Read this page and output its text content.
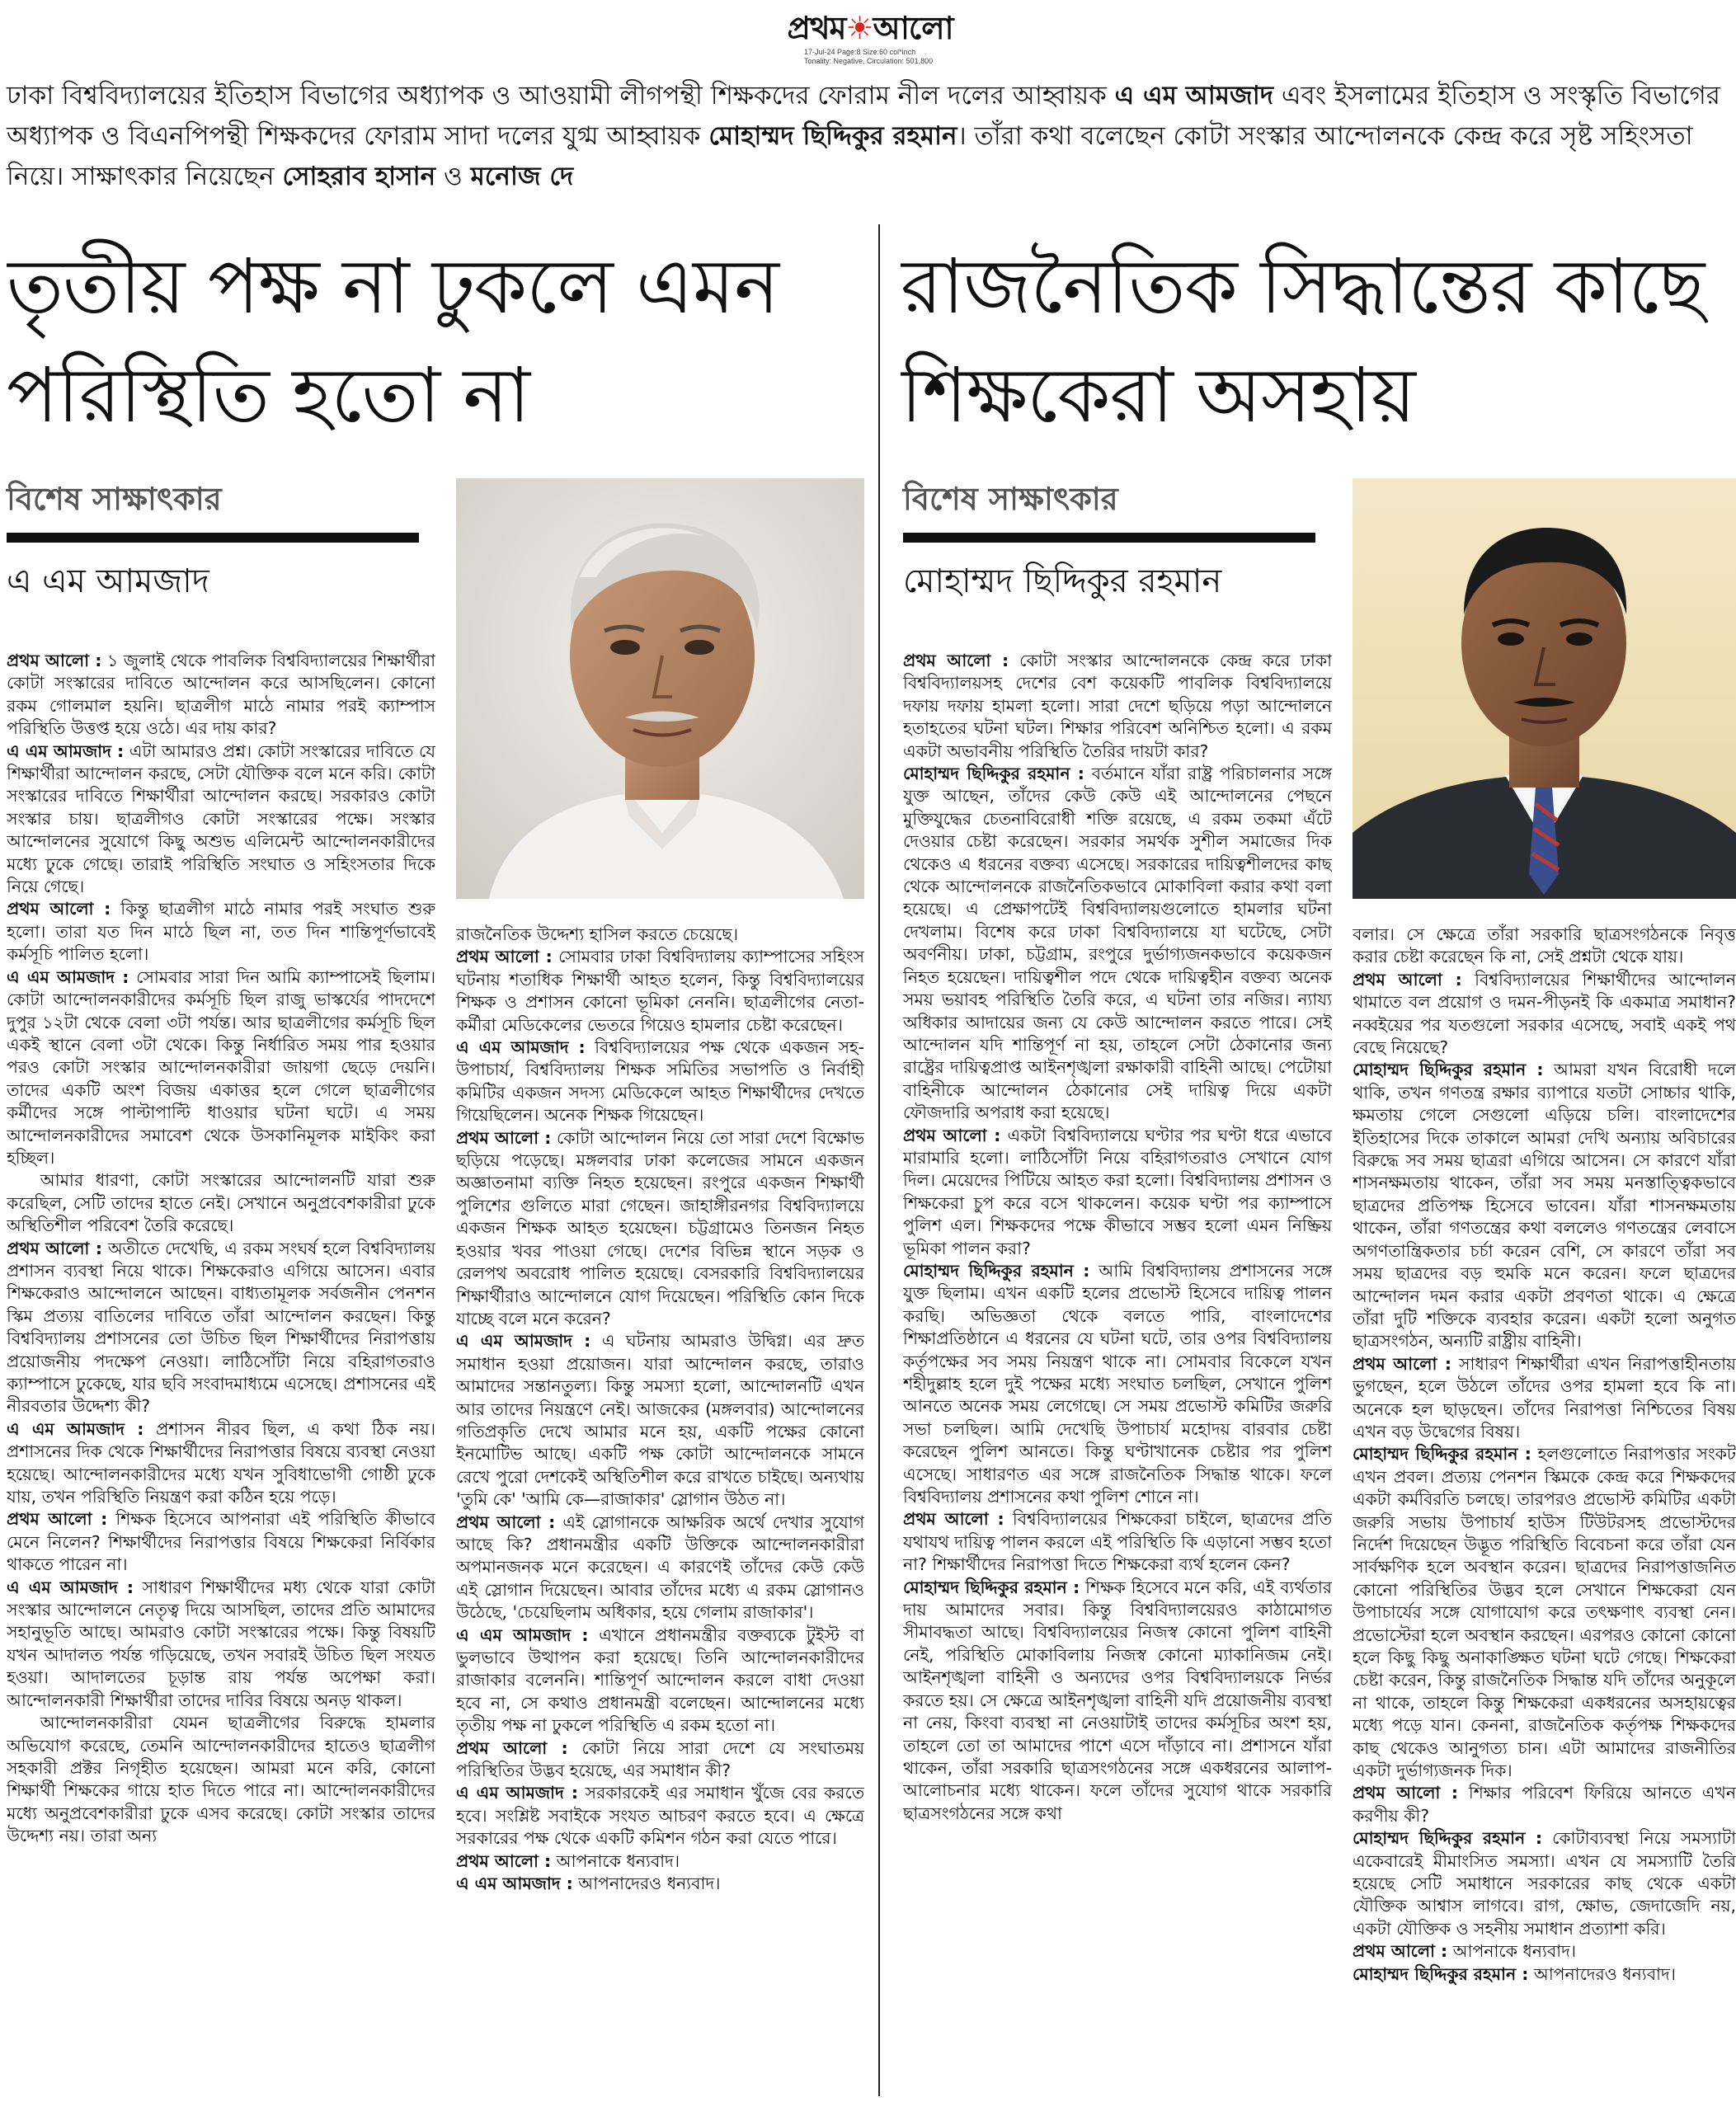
প্রথম☀আলো
17-Jul-24 Page:8 Size:60 col*inch
Tonality: Negative, Circulation: 501,800
ঢাকা বিশ্ববিদ্যালয়ের ইতিহাস বিভাগের অধ্যাপক ও আওয়ামী লীগপন্থী শিক্ষকদের ফোরাম নীল দলের আহ্বায়ক এ এম আমজাদ এবং ইসলামের ইতিহাস ও সংস্কৃতি বিভাগের অধ্যাপক ও বিএনপিপন্থী শিক্ষকদের ফোরাম সাদা দলের যুগ্ম আহ্বায়ক মোহাম্মদ ছিদ্দিকুর রহমান। তাঁরা কথা বলেছেন কোটা সংস্কার আন্দোলনকে কেন্দ্র করে সৃষ্ট সহিংসতা নিয়ে। সাক্ষাৎকার নিয়েছেন সোহরাব হাসান ও মনোজ দে
তৃতীয় পক্ষ না ঢুকলে এমন
পরিস্থিতি হতো না
রাজনৈতিক সিদ্ধান্তের কাছে
শিক্ষকেরা অসহায়
বিশেষ সাক্ষাৎকার
এ এম আমজাদ
বিশেষ সাক্ষাৎকার
মোহাম্মদ ছিদ্দিকুর রহমান

প্রথম আলো : ১ জুলাই থেকে পাবলিক বিশ্ববিদ্যালয়ের শিক্ষার্থীরা কোটা সংস্কারের দাবিতে আন্দোলন করে আসছিলেন। কোনো রকম গোলমাল হয়নি। ছাত্রলীগ মাঠে নামার পরই ক্যাম্পাস পরিস্থিতি উত্তপ্ত হয়ে ওঠে। এর দায় কার?

এ এম আমজাদ : এটা আমারও প্রশ্ন। কোটা সংস্কারের দাবিতে যে শিক্ষার্থীরা আন্দোলন করছে, সেটা যৌক্তিক বলে মনে করি। কোটা সংস্কারের দাবিতে শিক্ষার্থীরা আন্দোলন করছে। সরকারও কোটা সংস্কার চায়। ছাত্রলীগও কোটা সংস্কারের পক্ষে। সংস্কার আন্দোলনের সুযোগে কিছু অশুভ এলিমেন্ট আন্দোলনকারীদের মধ্যে ঢুকে গেছে। তারাই পরিস্থিতি সংঘাত ও সহিংসতার দিকে নিয়ে গেছে।

প্রথম আলো : কিন্তু ছাত্রলীগ মাঠে নামার পরই সংঘাত শুরু হলো। তারা যত দিন মাঠে ছিল না, তত দিন শান্তিপূর্ণভাবেই কর্মসূচি পালিত হলো।

এ এম আমজাদ : সোমবার সারা দিন আমি ক্যাম্পাসেই ছিলাম। কোটা আন্দোলনকারীদের কর্মসূচি ছিল রাজু ভাস্কর্যের পাদদেশে দুপুর ১২টা থেকে বেলা ৩টা পর্যন্ত। আর ছাত্রলীগের কর্মসূচি ছিল একই স্থানে বেলা ৩টা থেকে। কিন্তু নির্ধারিত সময় পার হওয়ার পরও কোটা সংস্কার আন্দোলনকারীরা জায়গা ছেড়ে দেয়নি। তাদের একটি অংশ বিজয় একাত্তর হলে গেলে ছাত্রলীগের কর্মীদের সঙ্গে পাল্টাপাল্টি ধাওয়ার ঘটনা ঘটে। এ সময় আন্দোলনকারীদের সমাবেশ থেকে উসকানিমূলক মাইকিং করা হচ্ছিল।

আমার ধারণা, কোটা সংস্কারের আন্দোলনটি যারা শুরু করেছিল, সেটি তাদের হাতে নেই। সেখানে অনুপ্রবেশকারীরা ঢুকে অস্থিতিশীল পরিবেশ তৈরি করেছে।

প্রথম আলো : অতীতে দেখেছি, এ রকম সংঘর্ষ হলে বিশ্ববিদ্যালয় প্রশাসন ব্যবস্থা নিয়ে থাকে। শিক্ষকেরাও এগিয়ে আসেন। এবার শিক্ষকেরাও আন্দোলনে আছেন। বাধ্যতামূলক সর্বজনীন পেনশন স্কিম প্রত্যয় বাতিলের দাবিতে তাঁরা আন্দোলন করছেন। কিন্তু বিশ্ববিদ্যালয় প্রশাসনের তো উচিত ছিল শিক্ষার্থীদের নিরাপত্তায় প্রয়োজনীয় পদক্ষেপ নেওয়া। লাঠিসোঁটা নিয়ে বহিরাগতরাও ক্যাম্পাসে ঢুকেছে, যার ছবি সংবাদমাধ্যমে এসেছে। প্রশাসনের এই নীরবতার উদ্দেশ্য কী?

এ এম আমজাদ : প্রশাসন নীরব ছিল, এ কথা ঠিক নয়। প্রশাসনের দিক থেকে শিক্ষার্থীদের নিরাপত্তার বিষয়ে ব্যবস্থা নেওয়া হয়েছে। আন্দোলনকারীদের মধ্যে যখন সুবিধাভোগী গোষ্ঠী ঢুকে যায়, তখন পরিস্থিতি নিয়ন্ত্রণ করা কঠিন হয়ে পড়ে।

প্রথম আলো : শিক্ষক হিসেবে আপনারা এই পরিস্থিতি কীভাবে মেনে নিলেন? শিক্ষার্থীদের নিরাপত্তার বিষয়ে শিক্ষকেরা নির্বিকার থাকতে পারেন না।

এ এম আমজাদ : সাধারণ শিক্ষার্থীদের মধ্য থেকে যারা কোটা সংস্কার আন্দোলনে নেতৃত্ব দিয়ে আসছিল, তাদের প্রতি আমাদের সহানুভূতি আছে। আমরাও কোটা সংস্কারের পক্ষে। কিন্তু বিষয়টি যখন আদালত পর্যন্ত গড়িয়েছে, তখন সবারই উচিত ছিল সংযত হওয়া। আদালতের চূড়ান্ত রায় পর্যন্ত অপেক্ষা করা। আন্দোলনকারী শিক্ষার্থীরা তাদের দাবির বিষয়ে অনড় থাকল।

আন্দোলনকারীরা যেমন ছাত্রলীগের বিরুদ্ধে হামলার অভিযোগ করেছে, তেমনি আন্দোলনকারীদের হাতেও ছাত্রলীগ সহকারী প্রক্টর নিগৃহীত হয়েছেন। আমরা মনে করি, কোনো শিক্ষার্থী শিক্ষকের গায়ে হাত দিতে পারে না। আন্দোলনকারীদের মধ্যে অনুপ্রবেশকারীরা ঢুকে এসব করেছে। কোটা সংস্কার তাদের উদ্দেশ্য নয়। তারা অন্য

রাজনৈতিক উদ্দেশ্য হাসিল করতে চেয়েছে।

প্রথম আলো : সোমবার ঢাকা বিশ্ববিদ্যালয় ক্যাম্পাসের সহিংস ঘটনায় শতাধিক শিক্ষার্থী আহত হলেন, কিন্তু বিশ্ববিদ্যালয়ের শিক্ষক ও প্রশাসন কোনো ভূমিকা নেননি। ছাত্রলীগের নেতা-কর্মীরা মেডিকেলের ভেতরে গিয়েও হামলার চেষ্টা করেছেন।

এ এম আমজাদ : বিশ্ববিদ্যালয়ের পক্ষ থেকে একজন সহ-উপাচার্য, বিশ্ববিদ্যালয় শিক্ষক সমিতির সভাপতি ও নির্বাহী কমিটির একজন সদস্য মেডিকেলে আহত শিক্ষার্থীদের দেখতে গিয়েছিলেন। অনেক শিক্ষক গিয়েছেন।

প্রথম আলো : কোটা আন্দোলন নিয়ে তো সারা দেশে বিক্ষোভ ছড়িয়ে পড়েছে। মঙ্গলবার ঢাকা কলেজের সামনে একজন অজ্ঞাতনামা ব্যক্তি নিহত হয়েছেন। রংপুরে একজন শিক্ষার্থী পুলিশের গুলিতে মারা গেছেন। জাহাঙ্গীরনগর বিশ্ববিদ্যালয়ে একজন শিক্ষক আহত হয়েছেন। চট্টগ্রামেও তিনজন নিহত হওয়ার খবর পাওয়া গেছে। দেশের বিভিন্ন স্থানে সড়ক ও রেলপথ অবরোধ পালিত হয়েছে। বেসরকারি বিশ্ববিদ্যালয়ের শিক্ষার্থীরাও আন্দোলনে যোগ দিয়েছেন। পরিস্থিতি কোন দিকে যাচ্ছে বলে মনে করেন?

এ এম আমজাদ : এ ঘটনায় আমরাও উদ্বিগ্ন। এর দ্রুত সমাধান হওয়া প্রয়োজন। যারা আন্দোলন করছে, তারাও আমাদের সন্তানতুল্য। কিন্তু সমস্যা হলো, আন্দোলনটি এখন আর তাদের নিয়ন্ত্রণে নেই। আজকের (মঙ্গলবার) আন্দোলনের গতিপ্রকৃতি দেখে আমার মনে হয়, একটি পক্ষের কোনো ইনমোটিভ আছে। একটি পক্ষ কোটা আন্দোলনকে সামনে রেখে পুরো দেশকেই অস্থিতিশীল করে রাখতে চাইছে। অন্যথায় 'তুমি কে' 'আমি কে—রাজাকার' স্লোগান উঠত না।

প্রথম আলো : এই স্লোগানকে আক্ষরিক অর্থে দেখার সুযোগ আছে কি? প্রধানমন্ত্রীর একটি উক্তিকে আন্দোলনকারীরা অপমানজনক মনে করেছেন। এ কারণেই তাঁদের কেউ কেউ এই স্লোগান দিয়েছেন। আবার তাঁদের মধ্যে এ রকম স্লোগানও উঠেছে, 'চেয়েছিলাম অধিকার, হয়ে গেলাম রাজাকার'।

এ এম আমজাদ : এখানে প্রধানমন্ত্রীর বক্তব্যকে টুইস্ট বা ভুলভাবে উত্থাপন করা হয়েছে। তিনি আন্দোলনকারীদের রাজাকার বলেননি। শান্তিপূর্ণ আন্দোলন করলে বাধা দেওয়া হবে না, সে কথাও প্রধানমন্ত্রী বলেছেন। আন্দোলনের মধ্যে তৃতীয় পক্ষ না ঢুকলে পরিস্থিতি এ রকম হতো না।

প্রথম আলো : কোটা নিয়ে সারা দেশে যে সংঘাতময় পরিস্থিতির উদ্ভব হয়েছে, এর সমাধান কী?

এ এম আমজাদ : সরকারকেই এর সমাধান খুঁজে বের করতে হবে। সংশ্লিষ্ট সবাইকে সংযত আচরণ করতে হবে। এ ক্ষেত্রে সরকারের পক্ষ থেকে একটি কমিশন গঠন করা যেতে পারে।

প্রথম আলো : আপনাকে ধন্যবাদ।

এ এম আমজাদ : আপনাদেরও ধন্যবাদ।

প্রথম আলো : কোটা সংস্কার আন্দোলনকে কেন্দ্র করে ঢাকা বিশ্ববিদ্যালয়সহ দেশের বেশ কয়েকটি পাবলিক বিশ্ববিদ্যালয়ে দফায় দফায় হামলা হলো। সারা দেশে ছড়িয়ে পড়া আন্দোলনে হতাহতের ঘটনা ঘটল। শিক্ষার পরিবেশ অনিশ্চিত হলো। এ রকম একটা অভাবনীয় পরিস্থিতি তৈরির দায়টা কার?

মোহাম্মদ ছিদ্দিকুর রহমান : বর্তমানে যাঁরা রাষ্ট্র পরিচালনার সঙ্গে যুক্ত আছেন, তাঁদের কেউ কেউ এই আন্দোলনের পেছনে মুক্তিযুদ্ধের চেতনাবিরোধী শক্তি রয়েছে, এ রকম তকমা এঁটে দেওয়ার চেষ্টা করেছেন। সরকার সমর্থক সুশীল সমাজের দিক থেকেও এ ধরনের বক্তব্য এসেছে। সরকারের দায়িত্বশীলদের কাছ থেকে আন্দোলনকে রাজনৈতিকভাবে মোকাবিলা করার কথা বলা হয়েছে। এ প্রেক্ষাপটেই বিশ্ববিদ্যালয়গুলোতে হামলার ঘটনা দেখলাম। বিশেষ করে ঢাকা বিশ্ববিদ্যালয়ে যা ঘটেছে, সেটা অবর্ণনীয়। ঢাকা, চট্টগ্রাম, রংপুরে দুর্ভাগ্যজনকভাবে কয়েকজন নিহত হয়েছেন। দায়িত্বশীল পদে থেকে দায়িত্বহীন বক্তব্য অনেক সময় ভয়াবহ পরিস্থিতি তৈরি করে, এ ঘটনা তার নজির। ন্যায্য অধিকার আদায়ের জন্য যে কেউ আন্দোলন করতে পারে। সেই আন্দোলন যদি শান্তিপূর্ণ না হয়, তাহলে সেটা ঠেকানোর জন্য রাষ্ট্রের দায়িত্বপ্রাপ্ত আইনশৃঙ্খলা রক্ষাকারী বাহিনী আছে। পেটোয়া বাহিনীকে আন্দোলন ঠেকানোর সেই দায়িত্ব দিয়ে একটা ফৌজদারি অপরাধ করা হয়েছে।

প্রথম আলো : একটা বিশ্ববিদ্যালয়ে ঘণ্টার পর ঘণ্টা ধরে এভাবে মারামারি হলো। লাঠিসোঁটা নিয়ে বহিরাগতরাও সেখানে যোগ দিল। মেয়েদের পিটিয়ে আহত করা হলো। বিশ্ববিদ্যালয় প্রশাসন ও শিক্ষকেরা চুপ করে বসে থাকলেন। কয়েক ঘণ্টা পর ক্যাম্পাসে পুলিশ এল। শিক্ষকদের পক্ষে কীভাবে সম্ভব হলো এমন নিষ্ক্রিয় ভূমিকা পালন করা?

মোহাম্মদ ছিদ্দিকুর রহমান : আমি বিশ্ববিদ্যালয় প্রশাসনের সঙ্গে যুক্ত ছিলাম। এখন একটি হলের প্রভোস্ট হিসেবে দায়িত্ব পালন করছি। অভিজ্ঞতা থেকে বলতে পারি, বাংলাদেশের শিক্ষাপ্রতিষ্ঠানে এ ধরনের যে ঘটনা ঘটে, তার ওপর বিশ্ববিদ্যালয় কর্তৃপক্ষের সব সময় নিয়ন্ত্রণ থাকে না। সোমবার বিকেলে যখন শহীদুল্লাহ হলে দুই পক্ষের মধ্যে সংঘাত চলছিল, সেখানে পুলিশ আনতে অনেক সময় লেগেছে। সে সময় প্রভোস্ট কমিটির জরুরি সভা চলছিল। আমি দেখেছি উপাচার্য মহোদয় বারবার চেষ্টা করেছেন পুলিশ আনতে। কিন্তু ঘণ্টাখানেক চেষ্টার পর পুলিশ এসেছে। সাধারণত এর সঙ্গে রাজনৈতিক সিদ্ধান্ত থাকে। ফলে বিশ্ববিদ্যালয় প্রশাসনের কথা পুলিশ শোনে না।

প্রথম আলো : বিশ্ববিদ্যালয়ের শিক্ষকেরা চাইলে, ছাত্রদের প্রতি যথাযথ দায়িত্ব পালন করলে এই পরিস্থিতি কি এড়ানো সম্ভব হতো না? শিক্ষার্থীদের নিরাপত্তা দিতে শিক্ষকেরা ব্যর্থ হলেন কেন?

মোহাম্মদ ছিদ্দিকুর রহমান : শিক্ষক হিসেবে মনে করি, এই ব্যর্থতার দায় আমাদের সবার। কিন্তু বিশ্ববিদ্যালয়েরও কাঠামোগত সীমাবদ্ধতা আছে। বিশ্ববিদ্যালয়ের নিজস্ব কোনো পুলিশ বাহিনী নেই, পরিস্থিতি মোকাবিলায় নিজস্ব কোনো ম্যাকানিজম নেই। আইনশৃঙ্খলা বাহিনী ও অন্যদের ওপর বিশ্ববিদ্যালয়কে নির্ভর করতে হয়। সে ক্ষেত্রে আইনশৃঙ্খলা বাহিনী যদি প্রয়োজনীয় ব্যবস্থা না নেয়, কিংবা ব্যবস্থা না নেওয়াটাই তাদের কর্মসূচির অংশ হয়, তাহলে তো তা আমাদের পাশে এসে দাঁড়াবে না। প্রশাসনে যাঁরা থাকেন, তাঁরা সরকারি ছাত্রসংগঠনের সঙ্গে একধরনের আলাপ-আলোচনার মধ্যে থাকেন। ফলে তাঁদের সুযোগ থাকে সরকারি ছাত্রসংগঠনের সঙ্গে কথা

বলার। সে ক্ষেত্রে তাঁরা সরকারি ছাত্রসংগঠনকে নিবৃত্ত করার চেষ্টা করেছেন কি না, সেই প্রশ্নটা থেকে যায়।

প্রথম আলো : বিশ্ববিদ্যালয়ের শিক্ষার্থীদের আন্দোলন থামাতে বল প্রয়োগ ও দমন-পীড়নই কি একমাত্র সমাধান? নব্বইয়ের পর যতগুলো সরকার এসেছে, সবাই একই পথ বেছে নিয়েছে?

মোহাম্মদ ছিদ্দিকুর রহমান : আমরা যখন বিরোধী দলে থাকি, তখন গণতন্ত্র রক্ষার ব্যাপারে যতটা সোচ্চার থাকি, ক্ষমতায় গেলে সেগুলো এড়িয়ে চলি। বাংলাদেশের ইতিহাসের দিকে তাকালে আমরা দেখি অন্যায় অবিচারের বিরুদ্ধে সব সময় ছাত্ররা এগিয়ে আসেন। সে কারণে যাঁরা শাসনক্ষমতায় থাকেন, তাঁরা সব সময় মনস্তাত্ত্বিকভাবে ছাত্রদের প্রতিপক্ষ হিসেবে ভাবেন। যাঁরা শাসনক্ষমতায় থাকেন, তাঁরা গণতন্ত্রের কথা বললেও গণতন্ত্রের লেবাসে অগণতান্ত্রিকতার চর্চা করেন বেশি, সে কারণে তাঁরা সব সময় ছাত্রদের বড় হুমকি মনে করেন। ফলে ছাত্রদের আন্দোলন দমন করার একটা প্রবণতা থাকে। এ ক্ষেত্রে তাঁরা দুটি শক্তিকে ব্যবহার করেন। একটা হলো অনুগত ছাত্রসংগঠন, অন্যটি রাষ্ট্রীয় বাহিনী।

প্রথম আলো : সাধারণ শিক্ষার্থীরা এখন নিরাপত্তাহীনতায় ভুগছেন, হলে উঠলে তাঁদের ওপর হামলা হবে কি না। অনেকে হল ছাড়ছেন। তাঁদের নিরাপত্তা নিশ্চিতের বিষয় এখন বড় উদ্বেগের বিষয়।

মোহাম্মদ ছিদ্দিকুর রহমান : হলগুলোতে নিরাপত্তার সংকট এখন প্রবল। প্রত্যয় পেনশন স্কিমকে কেন্দ্র করে শিক্ষকদের একটা কর্মবিরতি চলছে। তারপরও প্রভোস্ট কমিটির একটা জরুরি সভায় উপাচার্য হাউস টিউটরসহ প্রভোস্টদের নির্দেশ দিয়েছেন উদ্ভূত পরিস্থিতি বিবেচনা করে তাঁরা যেন সার্বক্ষণিক হলে অবস্থান করেন। ছাত্রদের নিরাপত্তাজনিত কোনো পরিস্থিতির উদ্ভব হলে সেখানে শিক্ষকেরা যেন উপাচার্যের সঙ্গে যোগাযোগ করে তৎক্ষণাৎ ব্যবস্থা নেন। প্রভোস্টেরা হলে অবস্থান করছেন। এরপরও কোনো কোনো হলে কিছু কিছু অনাকাঙ্ক্ষিত ঘটনা ঘটে গেছে। শিক্ষকেরা চেষ্টা করেন, কিন্তু রাজনৈতিক সিদ্ধান্ত যদি তাঁদের অনুকূলে না থাকে, তাহলে কিন্তু শিক্ষকেরা একধরনের অসহায়ত্বের মধ্যে পড়ে যান। কেননা, রাজনৈতিক কর্তৃপক্ষ শিক্ষকদের কাছ থেকেও আনুগত্য চান। এটা আমাদের রাজনীতির একটা দুর্ভাগ্যজনক দিক।

প্রথম আলো : শিক্ষার পরিবেশ ফিরিয়ে আনতে এখন করণীয় কী?

মোহাম্মদ ছিদ্দিকুর রহমান : কোটাব্যবস্থা নিয়ে সমস্যাটা একেবারেই মীমাংসিত সমস্যা। এখন যে সমস্যাটি তৈরি হয়েছে সেটি সমাধানে সরকারের কাছ থেকে একটা যৌক্তিক আশ্বাস লাগবে। রাগ, ক্ষোভ, জেদাজেদি নয়, একটা যৌক্তিক ও সহনীয় সমাধান প্রত্যাশা করি।

প্রথম আলো : আপনাকে ধন্যবাদ।

মোহাম্মদ ছিদ্দিকুর রহমান : আপনাদেরও ধন্যবাদ।
